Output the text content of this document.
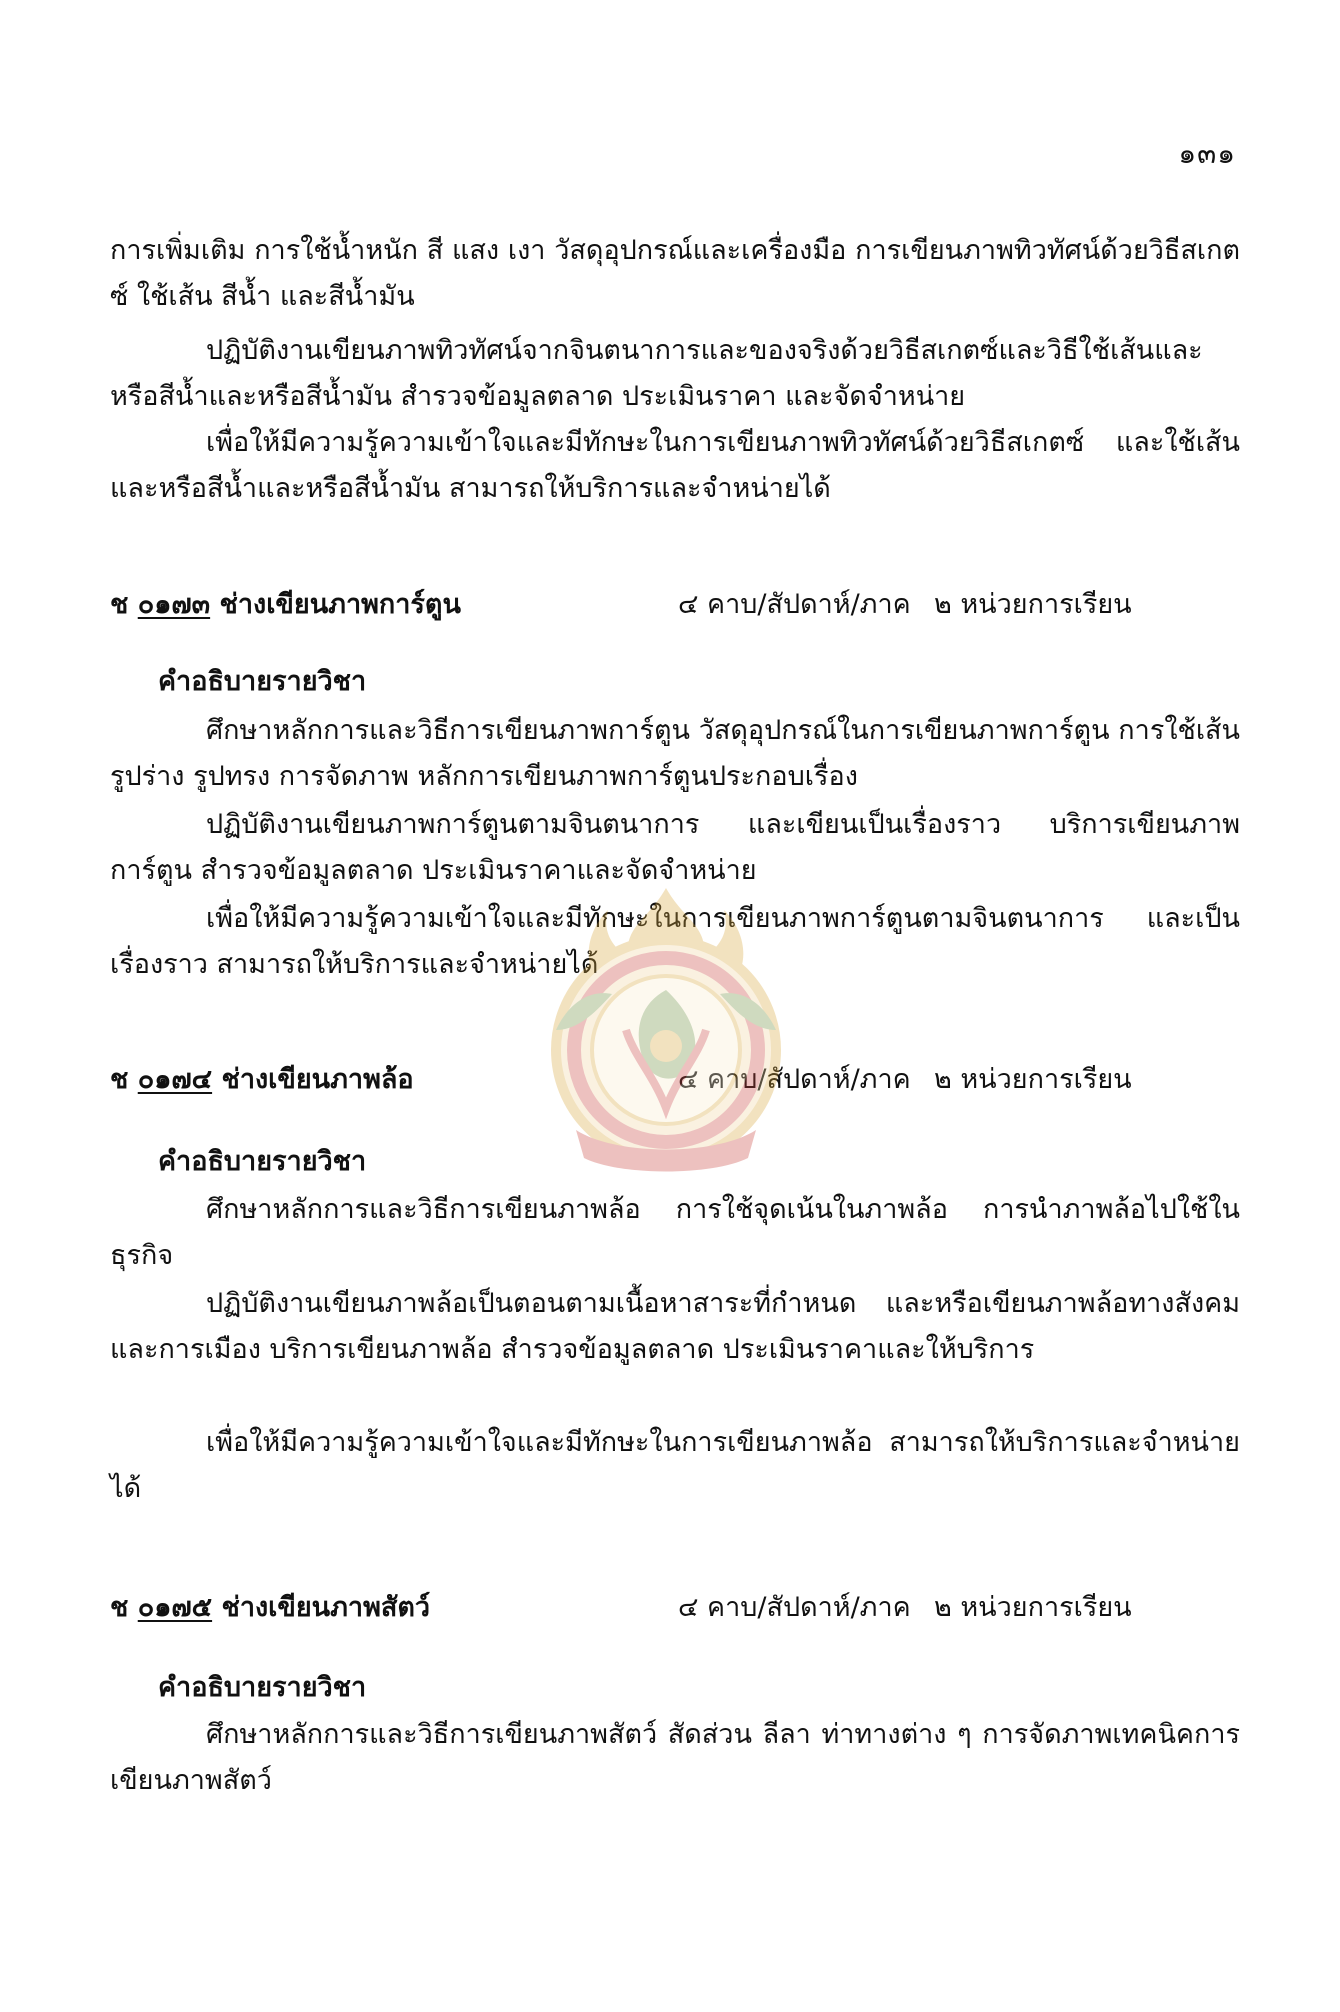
๑๓๑

การเพิ่มเติม การใช้น้ำหนัก สี แสง เงา วัสดุอุปกรณ์และเครื่องมือ การเขียนภาพทิวทัศน์ด้วยวิธีสเกตซ์ ใช้เส้น สีน้ำ และสีน้ำมัน

ปฏิบัติงานเขียนภาพทิวทัศน์จากจินตนาการและของจริงด้วยวิธีสเกตซ์และวิธีใช้เส้นและหรือสีน้ำและหรือสีน้ำมัน สำรวจข้อมูลตลาด ประเมินราคา และจัดจำหน่าย

เพื่อให้มีความรู้ความเข้าใจและมีทักษะในการเขียนภาพทิวทัศน์ด้วยวิธีสเกตซ์ และใช้เส้นและหรือสีน้ำและหรือสีน้ำมัน สามารถให้บริการและจำหน่ายได้

ช ๐๑๗๓ ช่างเขียนภาพการ์ตูน	๔ คาบ/สัปดาห์/ภาค ๒ หน่วยการเรียน
คำอธิบายรายวิชา

ศึกษาหลักการและวิธีการเขียนภาพการ์ตูน วัสดุอุปกรณ์ในการเขียนภาพการ์ตูน การใช้เส้น รูปร่าง รูปทรง การจัดภาพ หลักการเขียนภาพการ์ตูนประกอบเรื่อง

ปฏิบัติงานเขียนภาพการ์ตูนตามจินตนาการ และเขียนเป็นเรื่องราว บริการเขียนภาพการ์ตูน สำรวจข้อมูลตลาด ประเมินราคาและจัดจำหน่าย

เพื่อให้มีความรู้ความเข้าใจและมีทักษะในการเขียนภาพการ์ตูนตามจินตนาการ และเป็นเรื่องราว สามารถให้บริการและจำหน่ายได้

ช ๐๑๗๔ ช่างเขียนภาพล้อ	๔ คาบ/สัปดาห์/ภาค ๒ หน่วยการเรียน
คำอธิบายรายวิชา

ศึกษาหลักการและวิธีการเขียนภาพล้อ การใช้จุดเน้นในภาพล้อ การนำภาพล้อไปใช้ในธุรกิจ

ปฏิบัติงานเขียนภาพล้อเป็นตอนตามเนื้อหาสาระที่กำหนด และหรือเขียนภาพล้อทางสังคม และการเมือง บริการเขียนภาพล้อ สำรวจข้อมูลตลาด ประเมินราคาและให้บริการ

เพื่อให้มีความรู้ความเข้าใจและมีทักษะในการเขียนภาพล้อ สามารถให้บริการและจำหน่ายได้

ช ๐๑๗๕ ช่างเขียนภาพสัตว์	๔ คาบ/สัปดาห์/ภาค ๒ หน่วยการเรียน
คำอธิบายรายวิชา

ศึกษาหลักการและวิธีการเขียนภาพสัตว์ สัดส่วน ลีลา ท่าทางต่าง ๆ การจัดภาพเทคนิคการเขียนภาพสัตว์
